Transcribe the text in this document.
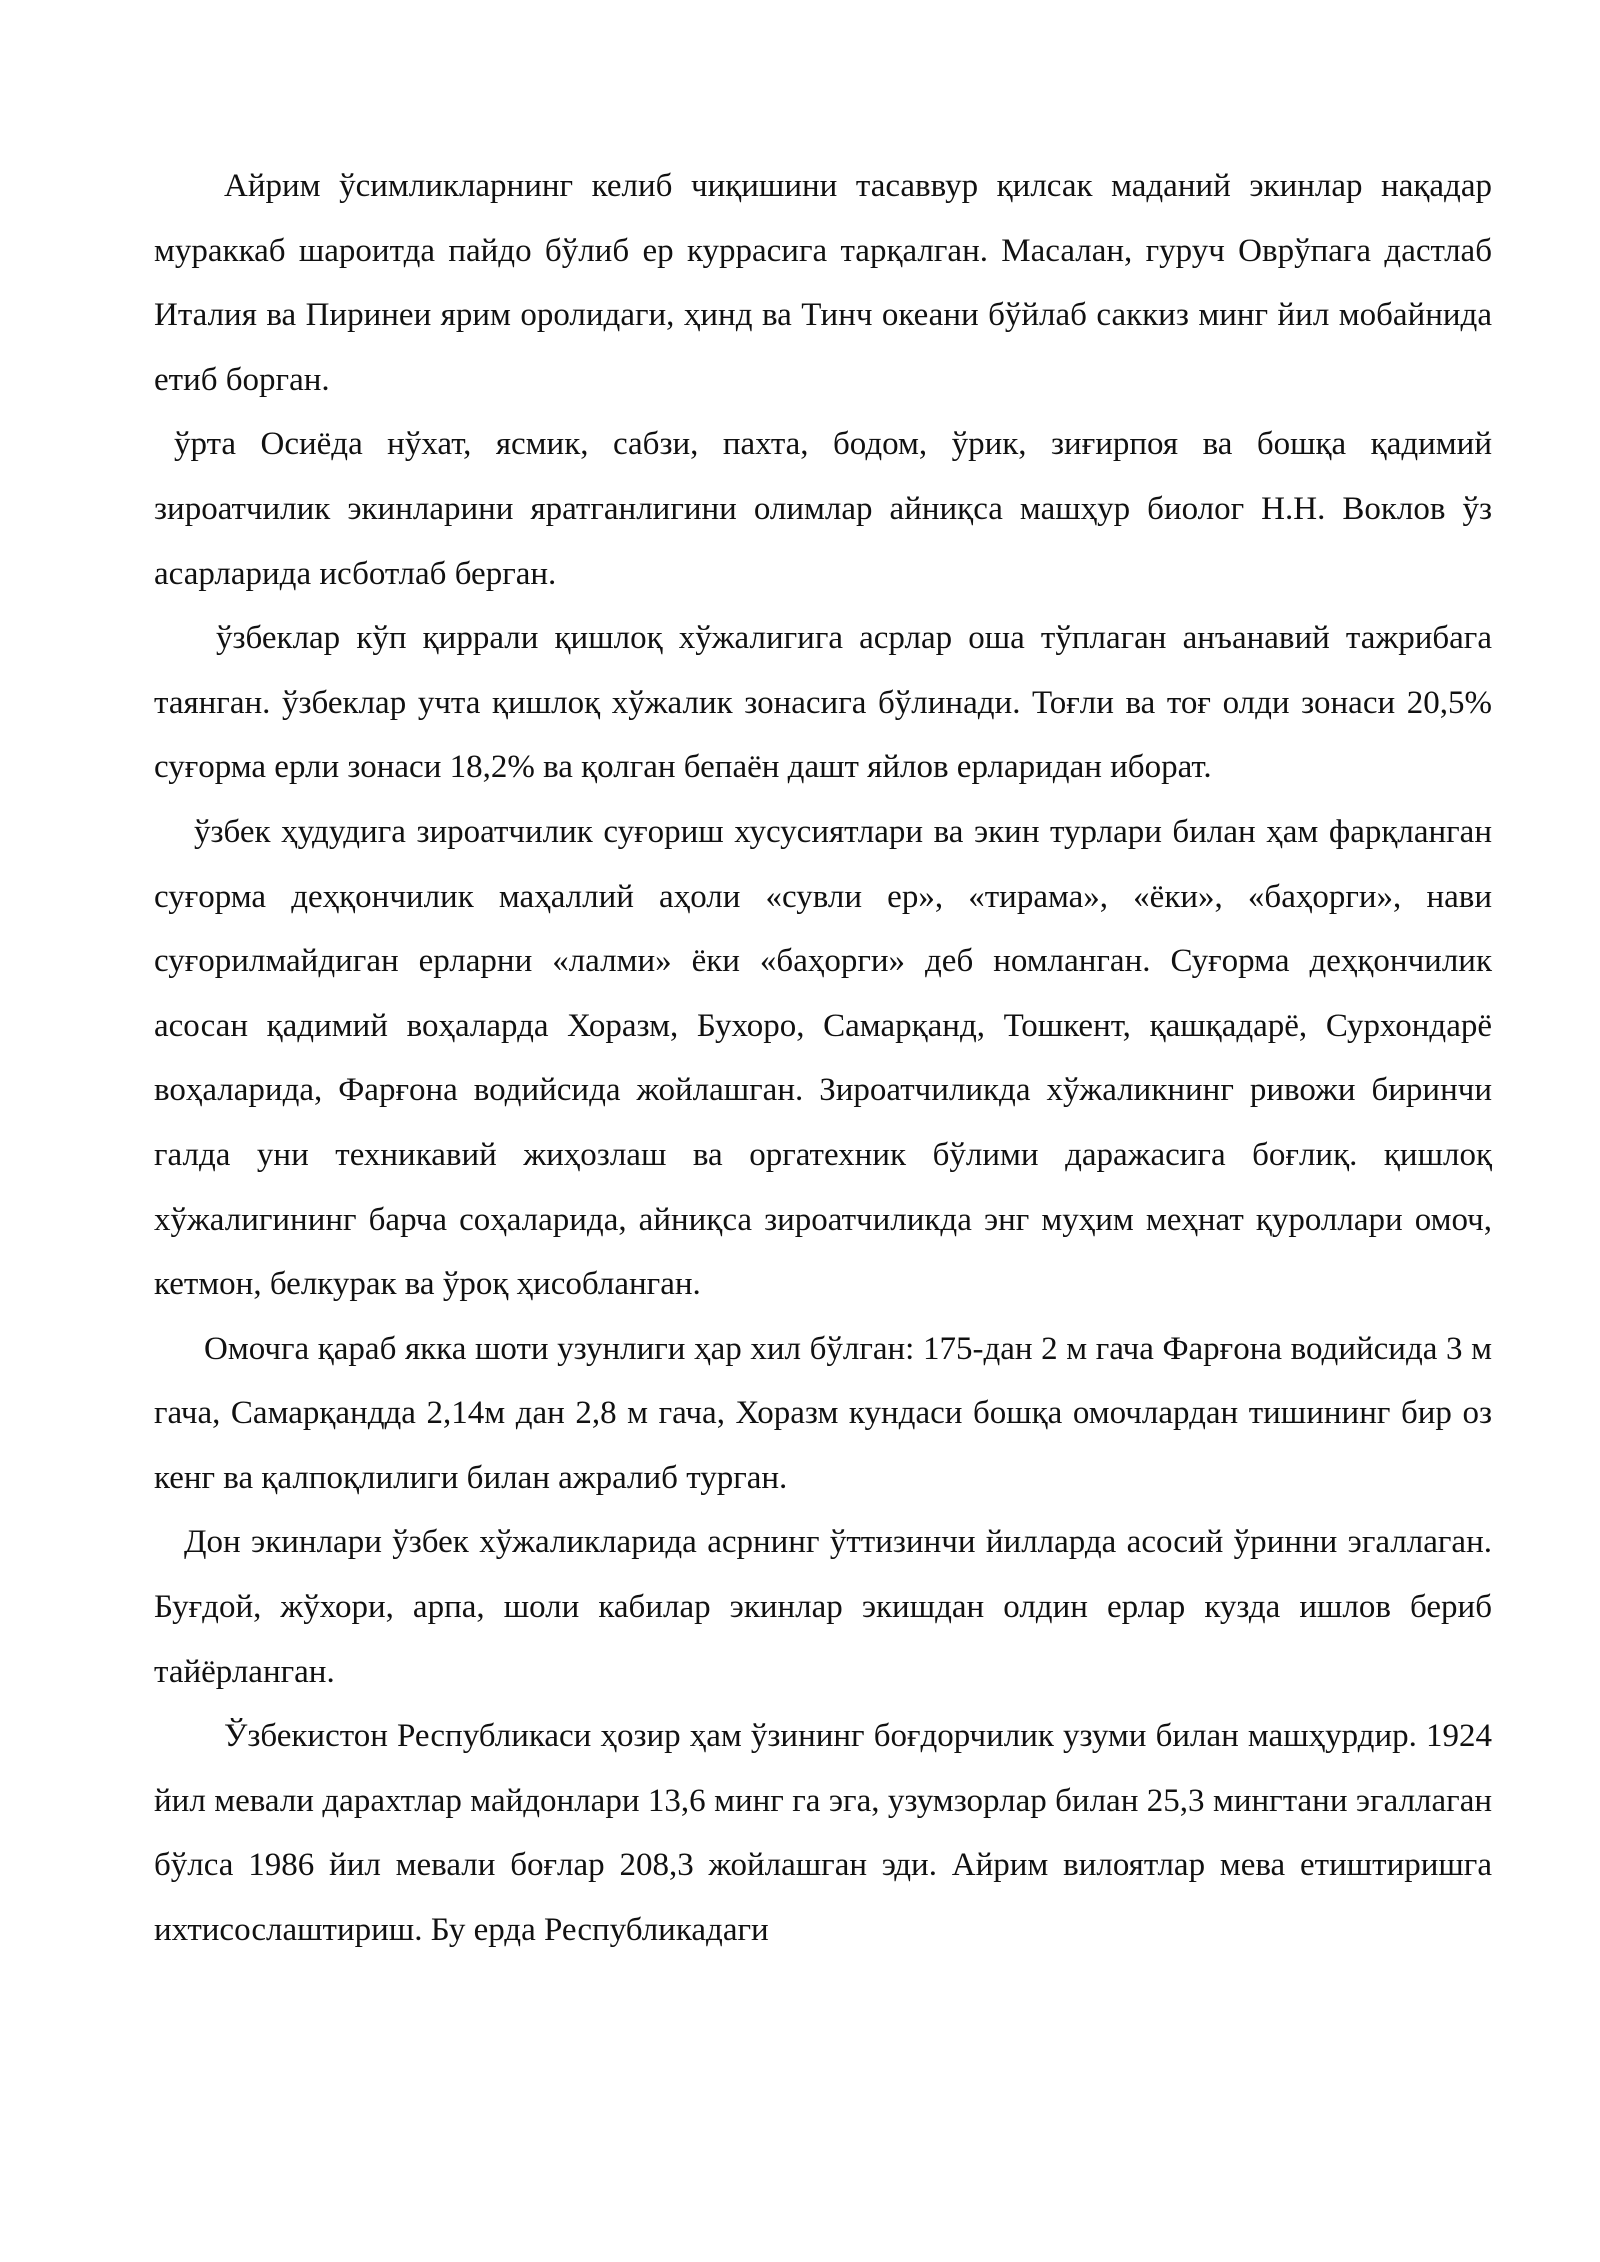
Айрим ўсимликларнинг келиб чиқишини тасаввур қилсак маданий экинлар нақадар мураккаб шароитда пайдо бўлиб ер куррасига тарқалган. Масалан, гуруч Оврўпага дастлаб Италия ва Пиринеи ярим оролидаги, ҳинд ва Тинч океани бўйлаб саккиз минг йил мобайнида етиб борган.

ўрта Осиёда нўхат, ясмик, сабзи, пахта, бодом, ўрик, зиғирпоя ва бошқа қадимий зироатчилик экинларини яратганлигини олимлар айниқса машҳур биолог Н.Н. Воклов ўз асарларида исботлаб берган.

ўзбеклар кўп қиррали қишлоқ хўжалигига асрлар оша тўплаган анъанавий тажрибага таянган. ўзбеклар учта қишлоқ хўжалик зонасига бўлинади. Тоғли ва тоғ олди зонаси 20,5% суғорма ерли зонаси 18,2% ва қолган бепаён дашт яйлов ерларидан иборат.

ўзбек ҳудудига зироатчилик суғориш хусусиятлари ва экин турлари билан ҳам фарқланган суғорма деҳқончилик маҳаллий аҳоли «сувли ер», «тирама», «ёки», «баҳорги», нави суғорилмайдиган ерларни «лалми» ёки «баҳорги» деб номланган. Суғорма деҳқончилик асосан қадимий воҳаларда Хоразм, Бухоро, Самарқанд, Тошкент, қашқадарё, Сурхондарё воҳаларида, Фарғона водийсида жойлашган. Зироатчиликда хўжаликнинг ривожи биринчи галда уни техникавий жиҳозлаш ва оргатехник бўлими даражасига боғлиқ. қишлоқ хўжалигининг барча соҳаларида, айниқса зироатчиликда энг муҳим меҳнат қуроллари омоч, кетмон, белкурак ва ўроқ ҳисобланган.

Омочга қараб якка шоти узунлиги ҳар хил бўлган: 175-дан 2 м гача Фарғона водийсида 3 м гача, Самарқандда 2,14м дан 2,8 м гача, Хоразм кундаси бошқа омочлардан тишининг бир оз кенг ва қалпоқлилиги билан ажралиб турган.

Дон экинлари ўзбек хўжаликларида асрнинг ўттизинчи йилларда асосий ўринни эгаллаган. Буғдой, жўхори, арпа, шоли кабилар экинлар экишдан олдин ерлар кузда ишлов бериб тайёрланган.

Ўзбекистон Республикаси ҳозир ҳам ўзининг боғдорчилик узуми билан машҳурдир. 1924 йил мевали дарахтлар майдонлари 13,6 минг га эга, узумзорлар билан 25,3 мингтани эгаллаган бўлса 1986 йил мевали боғлар 208,3 жойлашган эди. Айрим вилоятлар мева етиштиришга ихтисослаштириш. Бу ерда Республикадаги
